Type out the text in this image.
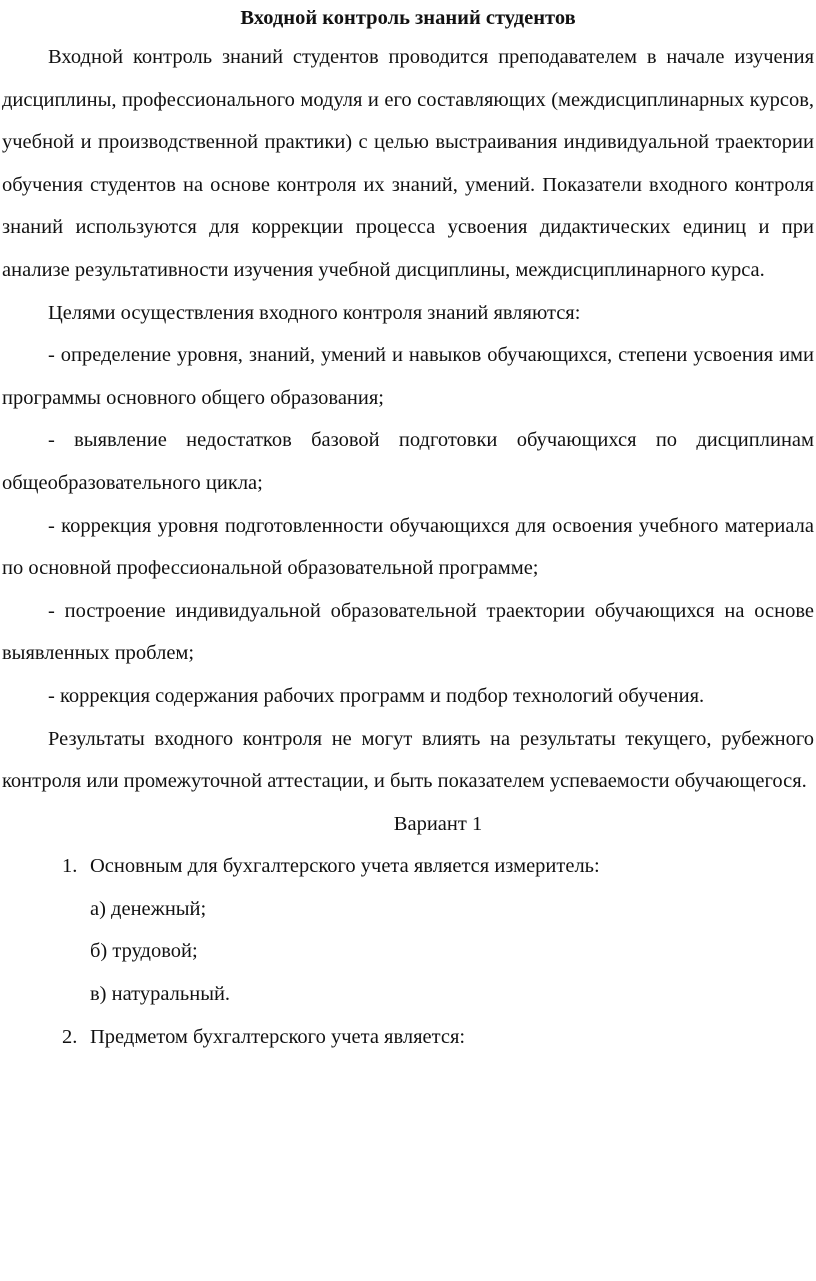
Входной контроль знаний студентов

Входной контроль знаний студентов проводится преподавателем в начале изучения дисциплины, профессионального модуля и его составляющих (междисциплинарных курсов, учебной и производственной практики) с целью выстраивания индивидуальной траектории обучения студентов на основе контроля их знаний, умений. Показатели входного контроля знаний используются для коррекции процесса усвоения дидактических единиц и при анализе результативности изучения учебной дисциплины, междисциплинарного курса.

Целями осуществления входного контроля знаний являются:

- определение уровня, знаний, умений и навыков обучающихся, степени усвоения ими программы основного общего образования;

- выявление недостатков базовой подготовки обучающихся по дисциплинам общеобразовательного цикла;

- коррекция уровня подготовленности обучающихся для освоения учебного материала по основной профессиональной образовательной программе;

- построение индивидуальной образовательной траектории обучающихся на основе выявленных проблем;

- коррекция содержания рабочих программ и подбор технологий обучения.

Результаты входного контроля не могут влиять на результаты текущего, рубежного контроля или промежуточной аттестации, и быть показателем успеваемости обучающегося.

Вариант 1

1. Основным для бухгалтерского учета является измеритель:
а) денежный;
б) трудовой;
в) натуральный.
2. Предметом бухгалтерского учета является:
